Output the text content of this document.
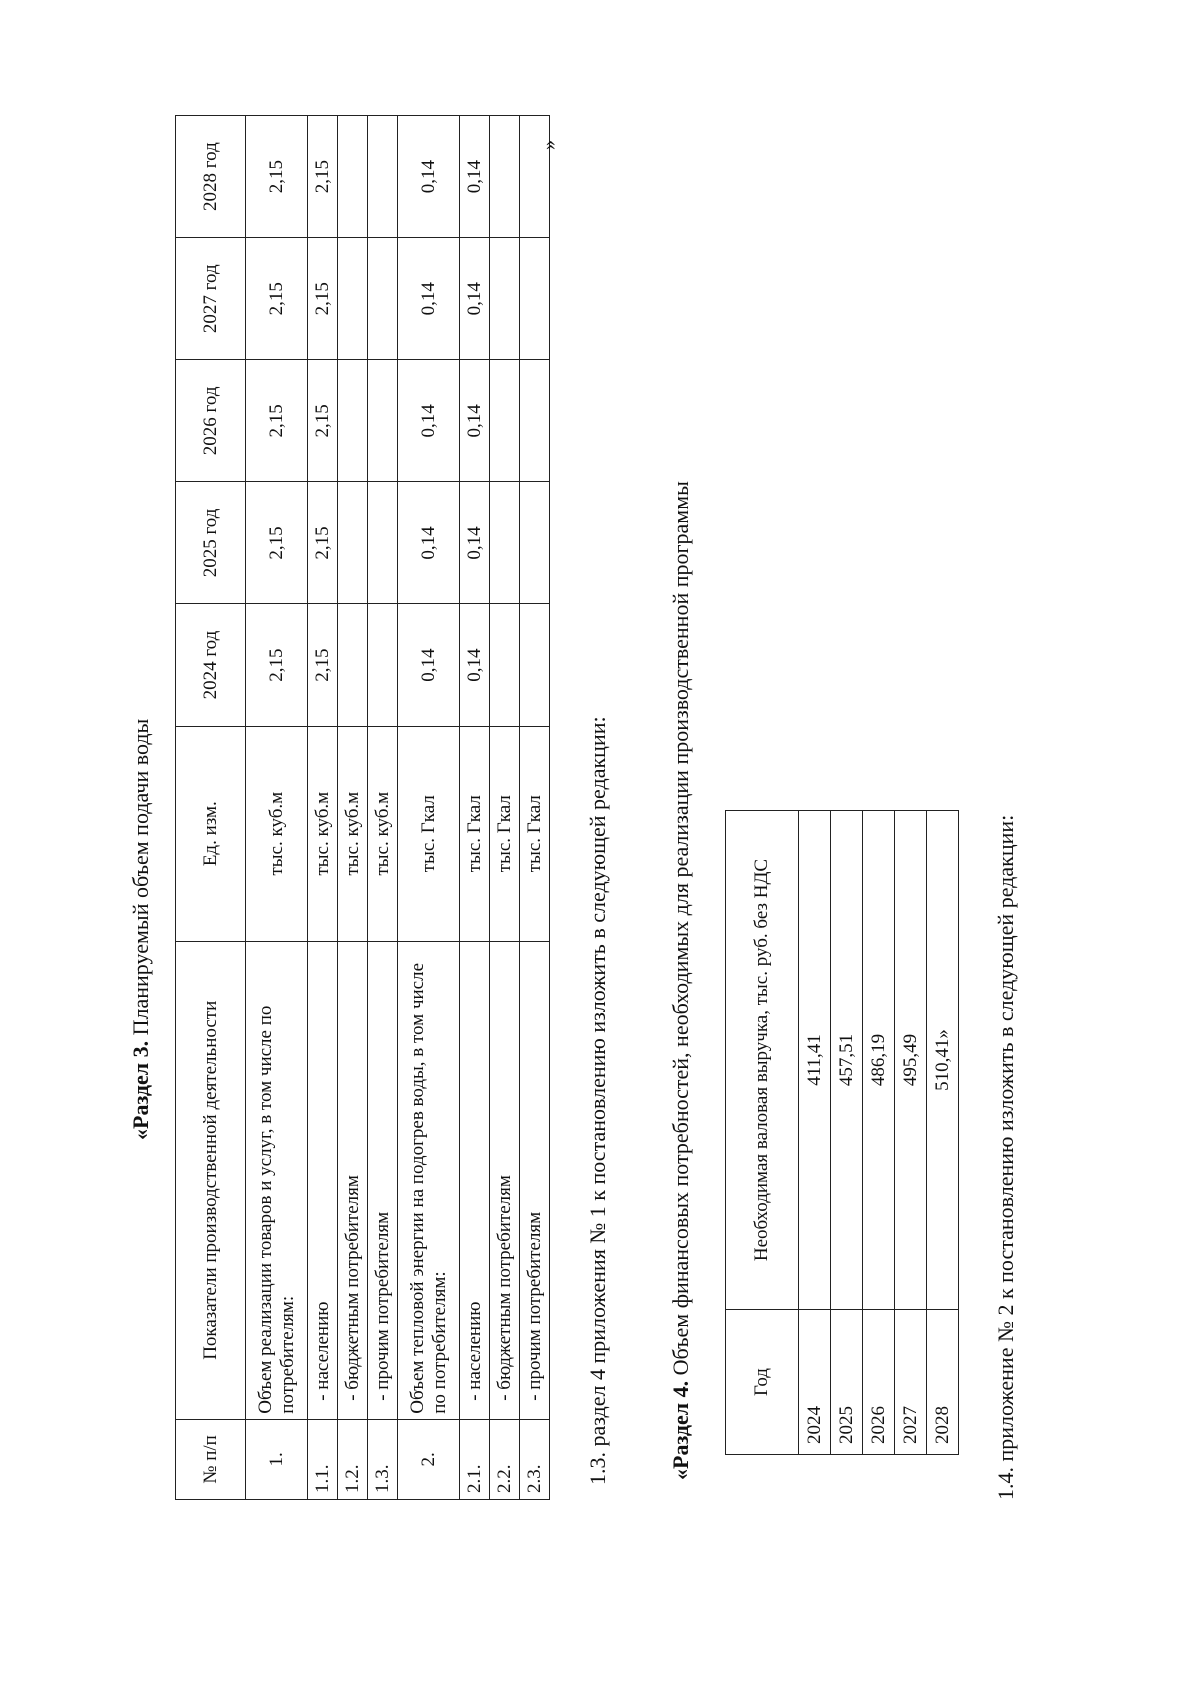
«Раздел 3. Планируемый объем подачи воды
№ п/п	Показатели производственной деятельности	Ед. изм.	2024 год	2025 год	2026 год	2027 год	2028 год
1.	Объем реализации товаров и услуг, в том числе по потребителям:	тыс. куб.м	2,15	2,15	2,15	2,15	2,15
1.1.	- населению	тыс. куб.м	2,15	2,15	2,15	2,15	2,15
1.2.	- бюджетным потребителям	тыс. куб.м					
1.3.	- прочим потребителям	тыс. куб.м					
2.	Объем тепловой энергии на подогрев воды, в том числе по потребителям:	тыс. Гкал	0,14	0,14	0,14	0,14	0,14
2.1.	- населению	тыс. Гкал	0,14	0,14	0,14	0,14	0,14
2.2.	- бюджетным потребителям	тыс. Гкал					
2.3.	- прочим потребителям	тыс. Гкал					
»
1.3. раздел 4 приложения № 1 к постановлению изложить в следующей редакции:	«Раздел 4. Объем финансовых потребностей, необходимых для реализации производственной программы
Год	Необходимая валовая выручка, тыс. руб. без НДС
2024	411,41
2025	457,51
2026	486,19
2027	495,49
2028	510,41» 1.4. приложение № 2 к постановлению изложить в следующей редакции:
